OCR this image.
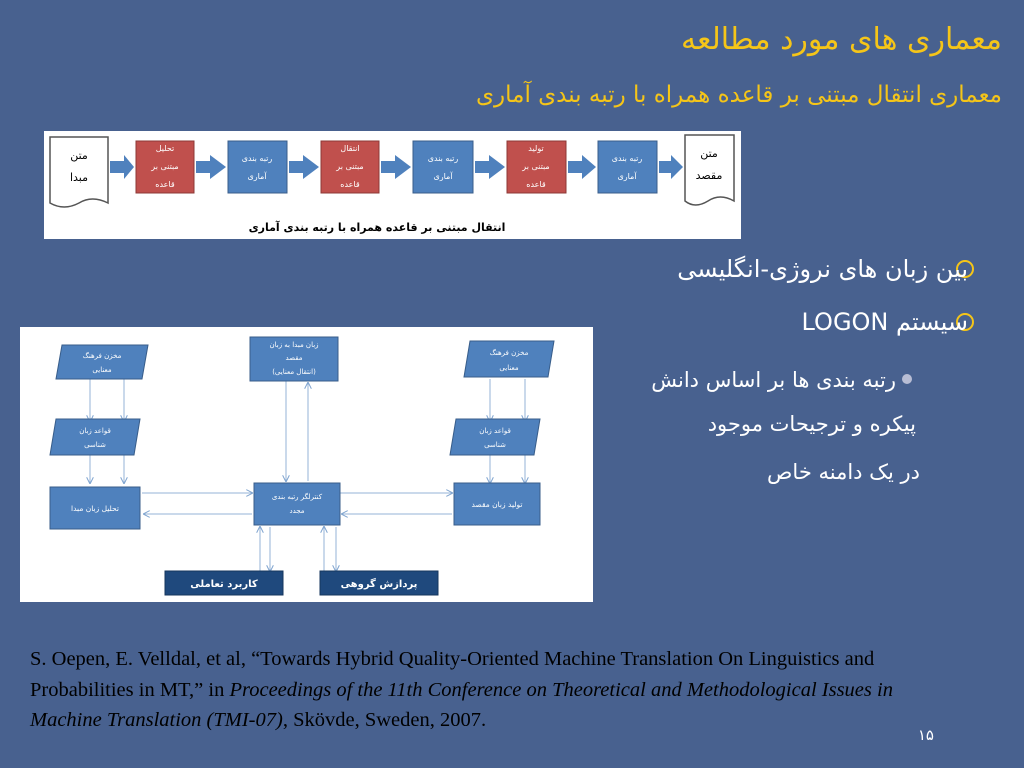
معماری های مورد مطالعه
معماری انتقال مبتنی بر قاعده همراه با رتبه بندی آماری
متن
مبدا
متن
مقصد
تحلیل
مبتنی بر
قاعده
رتبه بندی
آماری
انتقال
مبتنی بر
قاعده
رتبه بندی
آماری
تولید
مبتنی بر
قاعده
رتبه بندی
آماری
انتقال مبتنی بر قاعده همراه با رتبه بندی آماری
مخزن فرهنگ
معنایی
قواعد زبان
شناسی
تحلیل زبان مبدا
زبان مبدا به زبان
مقصد
(انتقال معنایی)
کنترلگر رتبه بندی
مجدد
مخزن فرهنگ
معنایی
قواعد زبان
شناسی
تولید زبان مقصد
کاربرد تعاملی	پردازش گروهی
بین زبان های نروژی-انگلیسی
سیستم LOGON
رتبه بندی ها بر اساس دانش
پیکره و ترجیحات موجود
در یک دامنه خاص
S. Oepen, E. Velldal, et al, “Towards Hybrid Quality-Oriented Machine Translation On Linguistics and Probabilities in MT,” in Proceedings of the 11th Conference on Theoretical and Methodological Issues in Machine Translation (TMI-07), Skövde, Sweden, 2007.
۱۵
